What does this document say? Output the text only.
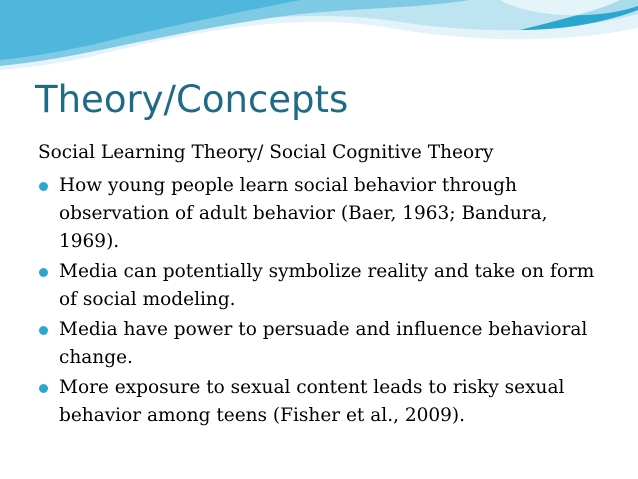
Theory/Concepts
Social Learning Theory/ Social Cognitive Theory
How young people learn social behavior through observation of adult behavior (Baer, 1963; Bandura, 1969).
Media can potentially symbolize reality and take on form of social modeling.
Media have power to persuade and influence behavioral change.
More exposure to sexual content leads to risky sexual behavior among teens (Fisher et al., 2009).
